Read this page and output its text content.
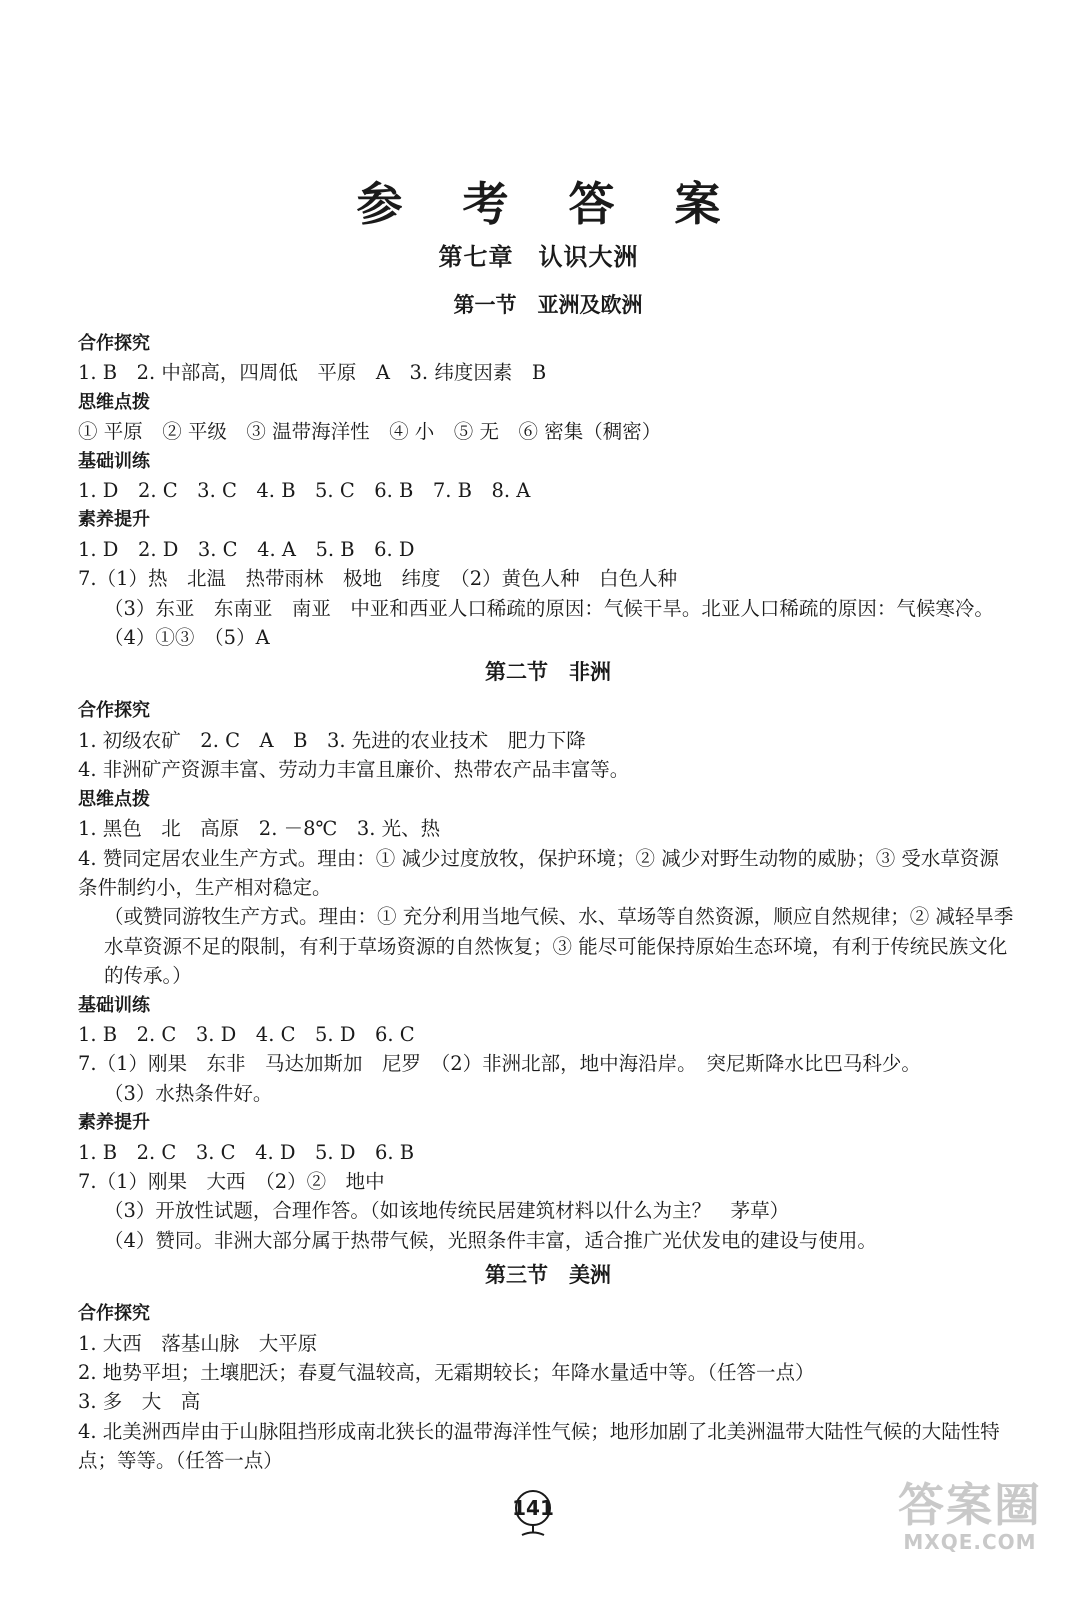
参 考 答 案
第七章　认识大洲
第一节　亚洲及欧洲
合作探究
1. B　2. 中部高，四周低　平原　A　3. 纬度因素　B
思维点拨
① 平原　② 平级　③ 温带海洋性　④ 小　⑤ 无　⑥ 密集（稠密）
基础训练
1. D　2. C　3. C　4. B　5. C　6. B　7. B　8. A
素养提升
1. D　2. D　3. C　4. A　5. B　6. D
7.（1）热　北温　热带雨林　极地　纬度　（2）黄色人种　白色人种
（3）东亚　东南亚　南亚　中亚和西亚人口稀疏的原因：气候干旱。北亚人口稀疏的原因：气候寒冷。
（4）①③　（5）A
第二节　非洲
合作探究
1. 初级农矿　2. C　A　B　3. 先进的农业技术　肥力下降
4. 非洲矿产资源丰富、劳动力丰富且廉价、热带农产品丰富等。
思维点拨
1. 黑色　北　高原　2. －8℃　3. 光、热
4. 赞同定居农业生产方式。理由：① 减少过度放牧，保护环境；② 减少对野生动物的威胁；③ 受水草资源条件制约小，生产相对稳定。
（或赞同游牧生产方式。理由：① 充分利用当地气候、水、草场等自然资源，顺应自然规律；② 减轻旱季水草资源不足的限制，有利于草场资源的自然恢复；③ 能尽可能保持原始生态环境，有利于传统民族文化的传承。）
基础训练
1. B　2. C　3. D　4. C　5. D　6. C
7.（1）刚果　东非　马达加斯加　尼罗　（2）非洲北部，地中海沿岸。　突尼斯降水比巴马科少。
（3）水热条件好。
素养提升
1. B　2. C　3. C　4. D　5. D　6. B
7.（1）刚果　大西　（2）②　地中
（3）开放性试题，合理作答。（如该地传统民居建筑材料以什么为主？　茅草）
（4）赞同。非洲大部分属于热带气候，光照条件丰富，适合推广光伏发电的建设与使用。
第三节　美洲
合作探究
1. 大西　落基山脉　大平原
2. 地势平坦；土壤肥沃；春夏气温较高，无霜期较长；年降水量适中等。（任答一点）
3. 多　大　高
4. 北美洲西岸由于山脉阻挡形成南北狭长的温带海洋性气候；地形加剧了北美洲温带大陆性气候的大陆性特点；等等。（任答一点）
141	答案圈
MXQE.COM
